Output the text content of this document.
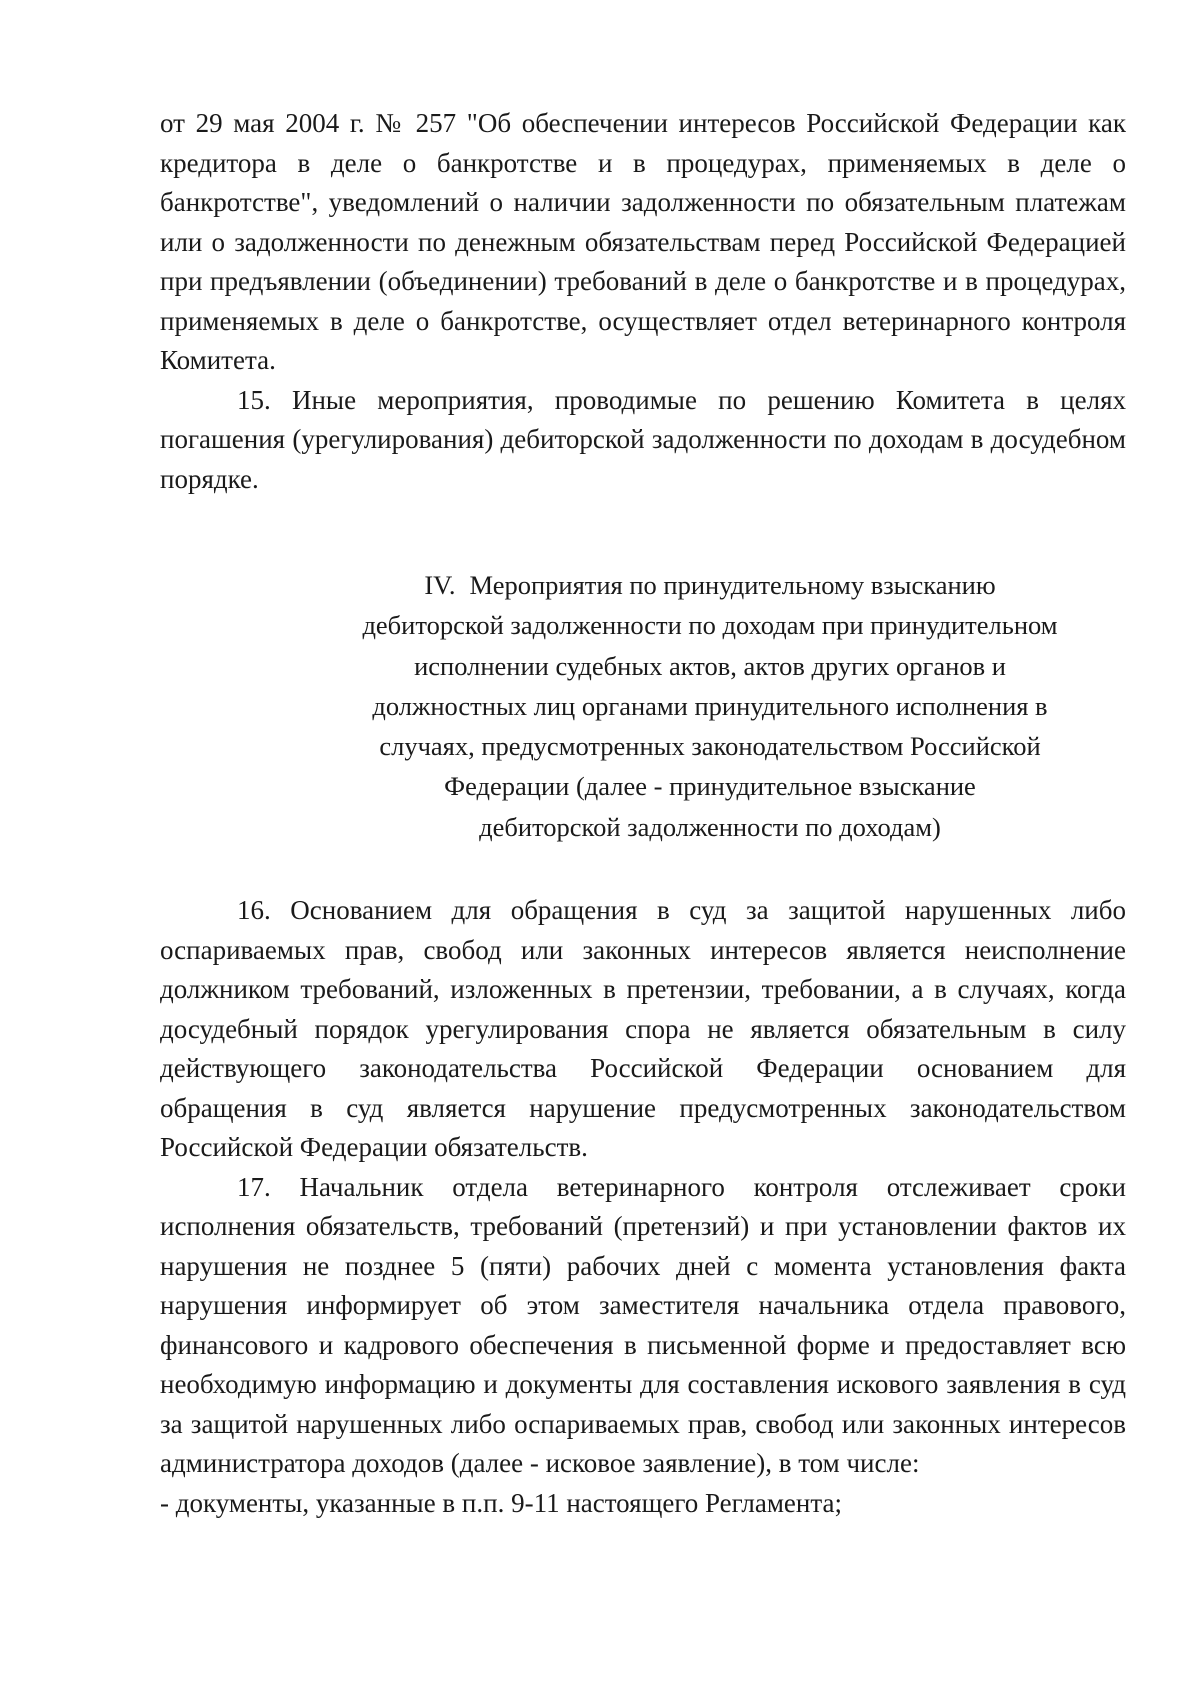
от 29 мая 2004 г. № 257 "Об обеспечении интересов Российской Федерации как кредитора в деле о банкротстве и в процедурах, применяемых в деле о банкротстве", уведомлений о наличии задолженности по обязательным платежам или о задолженности по денежным обязательствам перед Российской Федерацией при предъявлении (объединении) требований в деле о банкротстве и в процедурах, применяемых в деле о банкротстве, осуществляет отдел ветеринарного контроля Комитета.

15. Иные мероприятия, проводимые по решению Комитета в целях погашения (урегулирования) дебиторской задолженности по доходам в досудебном порядке.

IV. Мероприятия по принудительному взысканию
дебиторской задолженности по доходам при принудительном
исполнении судебных актов, актов других органов и
должностных лиц органами принудительного исполнения в
случаях, предусмотренных законодательством Российской
Федерации (далее - принудительное взыскание
дебиторской задолженности по доходам)

16. Основанием для обращения в суд за защитой нарушенных либо оспариваемых прав, свобод или законных интересов является неисполнение должником требований, изложенных в претензии, требовании, а в случаях, когда досудебный порядок урегулирования спора не является обязательным в силу действующего законодательства Российской Федерации основанием для обращения в суд является нарушение предусмотренных законодательством Российской Федерации обязательств.

17. Начальник отдела ветеринарного контроля отслеживает сроки исполнения обязательств, требований (претензий) и при установлении фактов их нарушения не позднее 5 (пяти) рабочих дней с момента установления факта нарушения информирует об этом заместителя начальника отдела правового, финансового и кадрового обеспечения в письменной форме и предоставляет всю необходимую информацию и документы для составления искового заявления в суд за защитой нарушенных либо оспариваемых прав, свобод или законных интересов администратора доходов (далее - исковое заявление), в том числе:

- документы, указанные в п.п. 9-11 настоящего Регламента;
